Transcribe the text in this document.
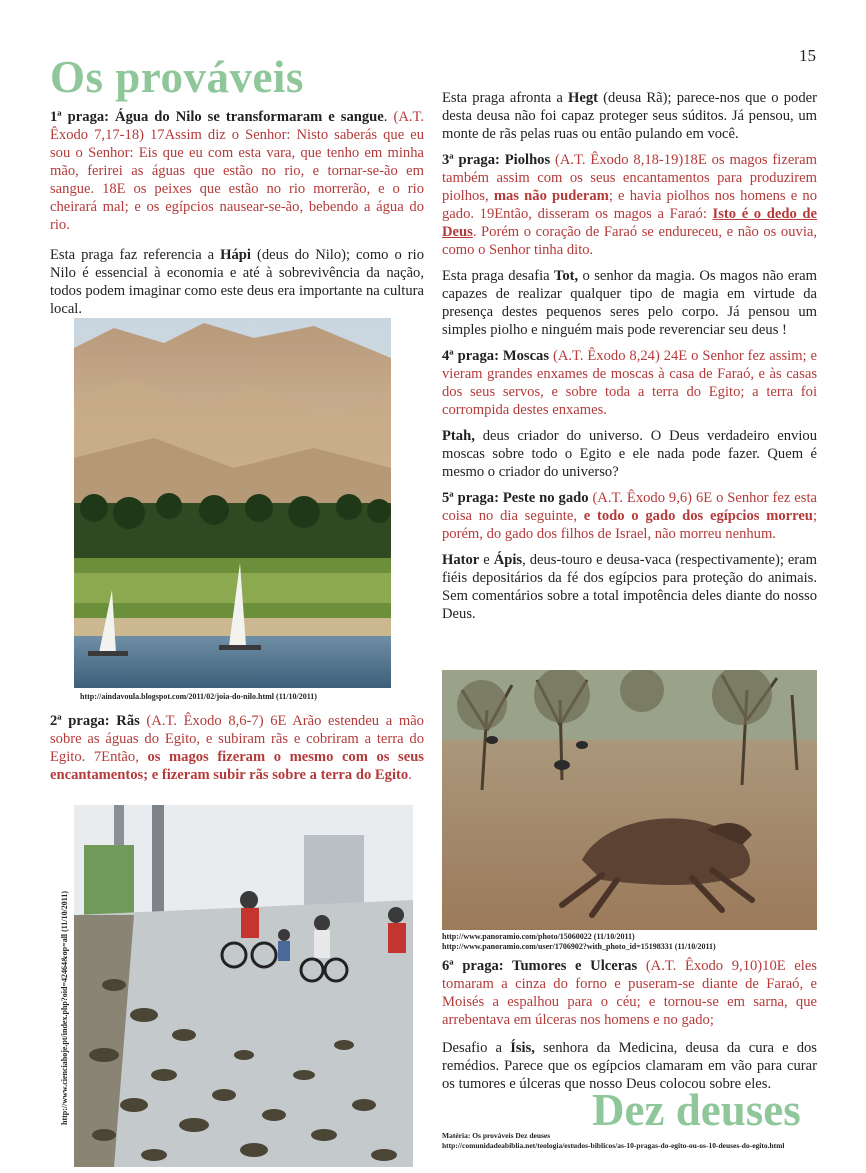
15
Os prováveis

1ª praga: Água do Nilo se transformaram e sangue. (A.T. Êxodo 7,17-18) 17Assim diz o Senhor: Nisto saberás que eu sou o Senhor: Eis que eu com esta vara, que tenho em minha mão, ferirei as águas que estão no rio, e tornar-se-ão em sangue. 18E os peixes que estão no rio morrerão, e o rio cheirará mal; e os egípcios nausear-se-ão, bebendo a água do rio.

Esta praga faz referencia a Hápi (deus do Nilo); como o rio Nilo é essencial à economia e até à sobrevivência da nação, todos podem imaginar como este deus era importante na cultura local.

http://aindavoula.blogspot.com/2011/02/joia-do-nilo.html (11/10/2011)

2ª praga: Rãs (A.T. Êxodo 8,6-7) 6E Arão estendeu a mão sobre as águas do Egito, e subiram rãs e cobriram a terra do Egito. 7Então, os magos fizeram o mesmo com os seus encantamentos; e fizeram subir rãs sobre a terra do Egito.

http://www.cienciahoje.pt/index.php?oid=42464&op=all (11/10/2011)

Esta praga afronta a Hegt (deusa Rã); parece-nos que o poder desta deusa não foi capaz proteger seus súditos. Já pensou, um monte de rãs pelas ruas ou então pulando em você.

3ª praga: Piolhos (A.T. Êxodo 8,18-19)18E os magos fizeram também assim com os seus encantamentos para produzirem piolhos, mas não puderam; e havia piolhos nos homens e no gado. 19Então, disseram os magos a Faraó: Isto é o dedo de Deus. Porém o coração de Faraó se endureceu, e não os ouvia, como o Senhor tinha dito.

Esta praga desafia Tot, o senhor da magia. Os magos não eram capazes de realizar qualquer tipo de magia em virtude da presença destes pequenos seres pelo corpo. Já pensou um simples piolho e ninguém mais pode reverenciar seu deus !

4ª praga: Moscas (A.T. Êxodo 8,24) 24E o Senhor fez assim; e vieram grandes enxames de moscas à casa de Faraó, e às casas dos seus servos, e sobre toda a terra do Egito; a terra foi corrompida destes enxames.

Ptah, deus criador do universo. O Deus verdadeiro enviou moscas sobre todo o Egito e ele nada pode fazer. Quem é mesmo o criador do universo?

5ª praga: Peste no gado (A.T. Êxodo 9,6) 6E o Senhor fez esta coisa no dia seguinte, e todo o gado dos egípcios morreu; porém, do gado dos filhos de Israel, não morreu nenhum.

Hator e Ápis, deus-touro e deusa-vaca (respectivamente); eram fiéis depositários da fé dos egípcios para proteção do animais. Sem comentários sobre a total impotência deles diante do nosso Deus.

http://www.panoramio.com/photo/15060022 (11/10/2011)
http://www.panoramio.com/user/1706902?with_photo_id=15198331 (11/10/2011)

6ª praga: Tumores e Ulceras (A.T. Êxodo 9,10)10E eles tomaram a cinza do forno e puseram-se diante de Faraó, e Moisés a espalhou para o céu; e tornou-se em sarna, que arrebentava em úlceras nos homens e no gado;

Desafio a Ísis, senhora da Medicina, deusa da cura e dos remédios. Parece que os egípcios clamaram em vão para curar os tumores e úlceras que nosso Deus colocou sobre eles.

Dez deuses
Matéria: Os prováveis Dez deuses
http://comunidadeabiblia.net/teologia/estudos-biblicos/as-10-pragas-do-egito-ou-os-10-deuses-do-egito.html
